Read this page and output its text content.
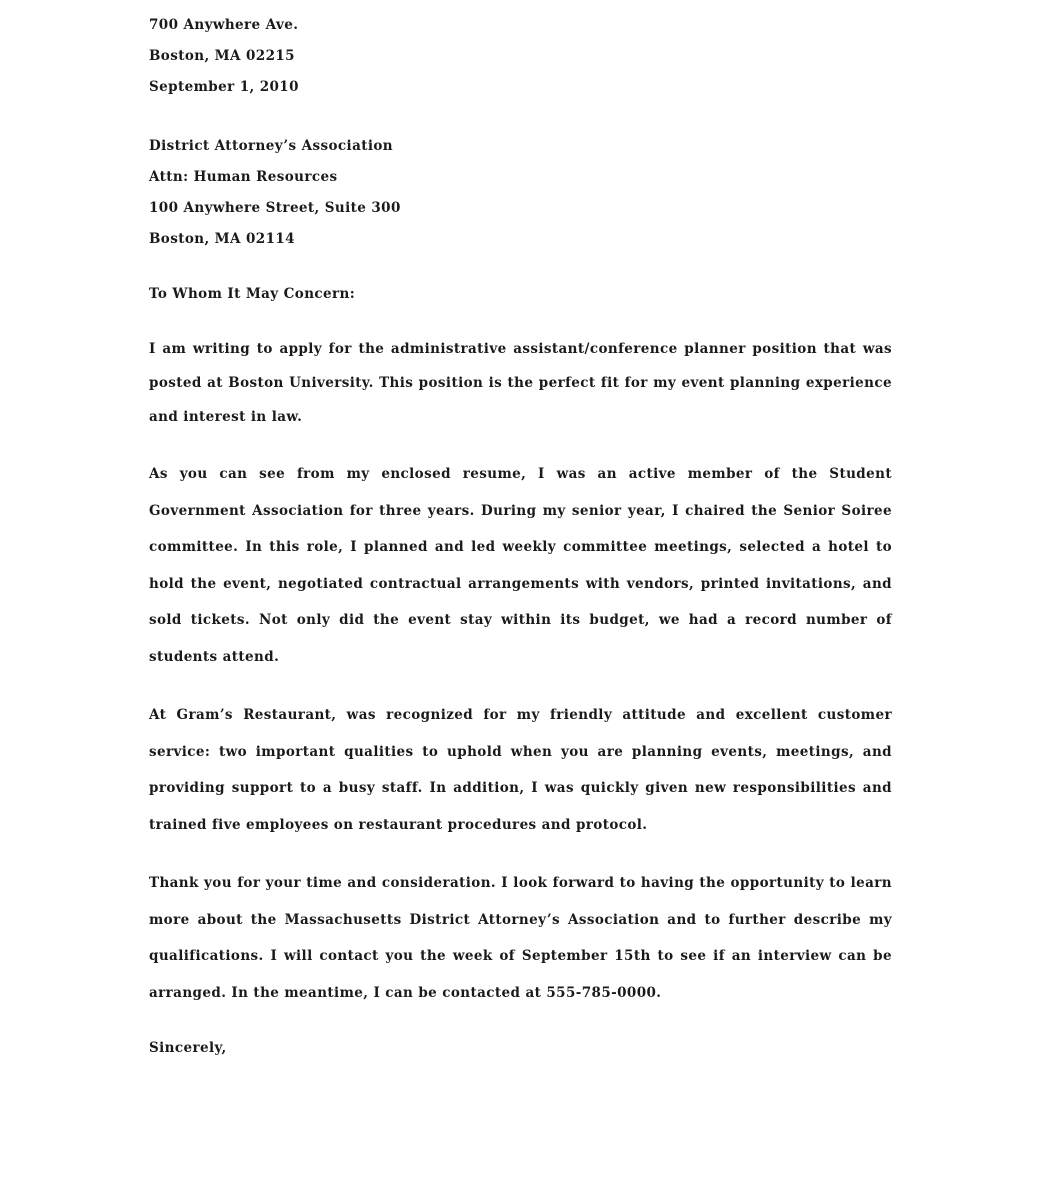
700 Anywhere Ave.
Boston, MA 02215
September 1, 2010
District Attorney’s Association
Attn: Human Resources
100 Anywhere Street, Suite 300
Boston, MA 02114
To Whom It May Concern:

I am writing to apply for the administrative assistant/conference planner position that was posted at Boston University. This position is the perfect fit for my event planning experience and interest in law.

As you can see from my enclosed resume, I was an active member of the Student Government Association for three years. During my senior year, I chaired the Senior Soiree committee. In this role, I planned and led weekly committee meetings, selected a hotel to hold the event, negotiated contractual arrangements with vendors, printed invitations, and sold tickets. Not only did the event stay within its budget, we had a record number of students attend.

At Gram’s Restaurant, was recognized for my friendly attitude and excellent customer service: two important qualities to uphold when you are planning events, meetings, and providing support to a busy staff. In addition, I was quickly given new responsibilities and trained five employees on restaurant procedures and protocol.

Thank you for your time and consideration. I look forward to having the opportunity to learn more about the Massachusetts District Attorney’s Association and to further describe my qualifications. I will contact you the week of September 15th to see if an interview can be arranged. In the meantime, I can be contacted at 555-785-0000.

Sincerely,
